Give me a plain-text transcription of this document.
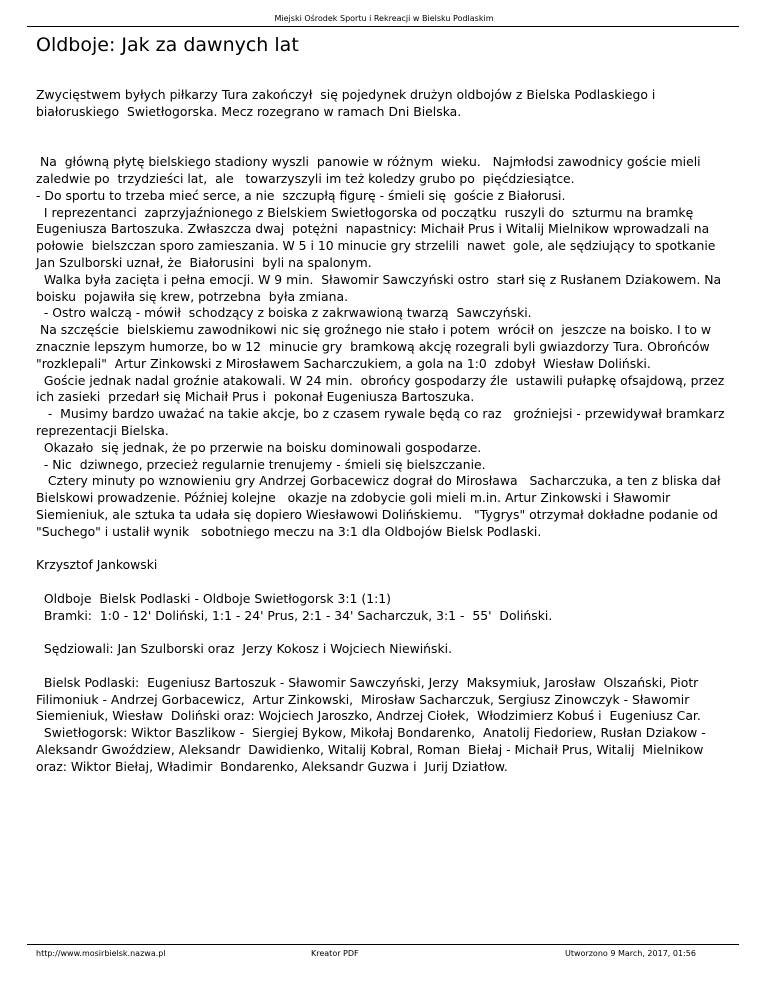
Miejski Ośrodek Sportu i Rekreacji w Bielsku Podlaskim
Oldboje: Jak za dawnych lat

Zwycięstwem byłych piłkarzy Tura zakończył  się pojedynek drużyn oldbojów z Bielska Podlaskiego i białoruskiego  Swietłogorska. Mecz rozegrano w ramach Dni Bielska.

Na  główną płytę bielskiego stadiony wyszli  panowie w różnym  wieku.   Najmłodsi zawodnicy goście mieli zaledwie po  trzydzieści lat,  ale   towarzyszyli im też koledzy grubo po  pięćdziesiątce.

- Do sportu to trzeba mieć serce, a nie  szczupłą figurę - śmieli się  goście z Białorusi.

I reprezentanci  zaprzyjaźnionego z Bielskiem Swietłogorska od początku  ruszyli do  szturmu na bramkę Eugeniusza Bartoszuka. Zwłaszcza dwaj  potężni  napastnicy: Michaił Prus i Witalij Mielnikow wprowadzali na  połowie  bielszczan sporo zamieszania. W 5 i 10 minucie gry strzelili  nawet  gole, ale sędziujący to spotkanie Jan Szulborski uznał, że  Białorusini  byli na spalonym.

Walka była zacięta i pełna emocji. W 9 min.  Sławomir Sawczyński ostro  starł się z Rusłanem Dziakowem. Na boisku  pojawiła się krew, potrzebna  była zmiana.

- Ostro walczą - mówił  schodzący z boiska z zakrwawioną twarzą  Sawczyński.

Na szczęście  bielskiemu zawodnikowi nic się groźnego nie stało i potem  wrócił on  jeszcze na boisko. I to w znacznie lepszym humorze, bo w 12  minucie gry  bramkową akcję rozegrali byli gwiazdorzy Tura. Obrońców  "rozklepali"  Artur Zinkowski z Mirosławem Sacharczukiem, a gola na 1:0  zdobył  Wiesław Doliński.

Goście jednak nadal groźnie atakowali. W 24 min.  obrońcy gospodarzy źle  ustawili pułapkę ofsajdową, przez ich zasieki  przedarł się Michaił Prus i  pokonał Eugeniusza Bartoszuka.

-  Musimy bardzo uważać na takie akcje, bo z czasem rywale będą co raz   groźniejsi - przewidywał bramkarz reprezentacji Bielska.

Okazało  się jednak, że po przerwie na boisku dominowali gospodarze.

- Nic  dziwnego, przecież regularnie trenujemy - śmieli się bielszczanie.

Cztery minuty po wznowieniu gry Andrzej Gorbacewicz dograł do Mirosława   Sacharczuka, a ten z bliska dał Bielskowi prowadzenie. Później kolejne   okazje na zdobycie goli mieli m.in. Artur Zinkowski i Sławomir   Siemieniuk, ale sztuka ta udała się dopiero Wiesławowi Dolińskiemu.   "Tygrys" otrzymał dokładne podanie od "Suchego" i ustalił wynik   sobotniego meczu na 3:1 dla Oldbojów Bielsk Podlaski.

Krzysztof Jankowski

Oldboje  Bielsk Podlaski - Oldboje Swietłogorsk 3:1 (1:1)

Bramki:  1:0 - 12' Doliński, 1:1 - 24' Prus, 2:1 - 34' Sacharczuk, 3:1 -  55'  Doliński.

Sędziowali: Jan Szulborski oraz  Jerzy Kokosz i Wojciech Niewiński.

Bielsk Podlaski:  Eugeniusz Bartoszuk - Sławomir Sawczyński, Jerzy  Maksymiuk, Jarosław  Olszański, Piotr Filimoniuk - Andrzej Gorbacewicz,  Artur Zinkowski,  Mirosław Sacharczuk, Sergiusz Zinowczyk - Sławomir  Siemieniuk, Wiesław  Doliński oraz: Wojciech Jaroszko, Andrzej Ciołek,  Włodzimierz Kobuś i  Eugeniusz Car.

Swietłogorsk: Wiktor Baszlikow -  Siergiej Bykow, Mikołaj Bondarenko,  Anatolij Fiedoriew, Rusłan Dziakow -  Aleksandr Gwoździew, Aleksandr  Dawidienko, Witalij Kobral, Roman  Biełaj - Michaił Prus, Witalij  Mielnikow oraz: Wiktor Biełaj, Władimir  Bondarenko, Aleksandr Guzwa i  Jurij Dziatłow.

http://www.mosirbielsk.nazwa.pl	Kreator PDF	Utworzono 9 March, 2017, 01:56
